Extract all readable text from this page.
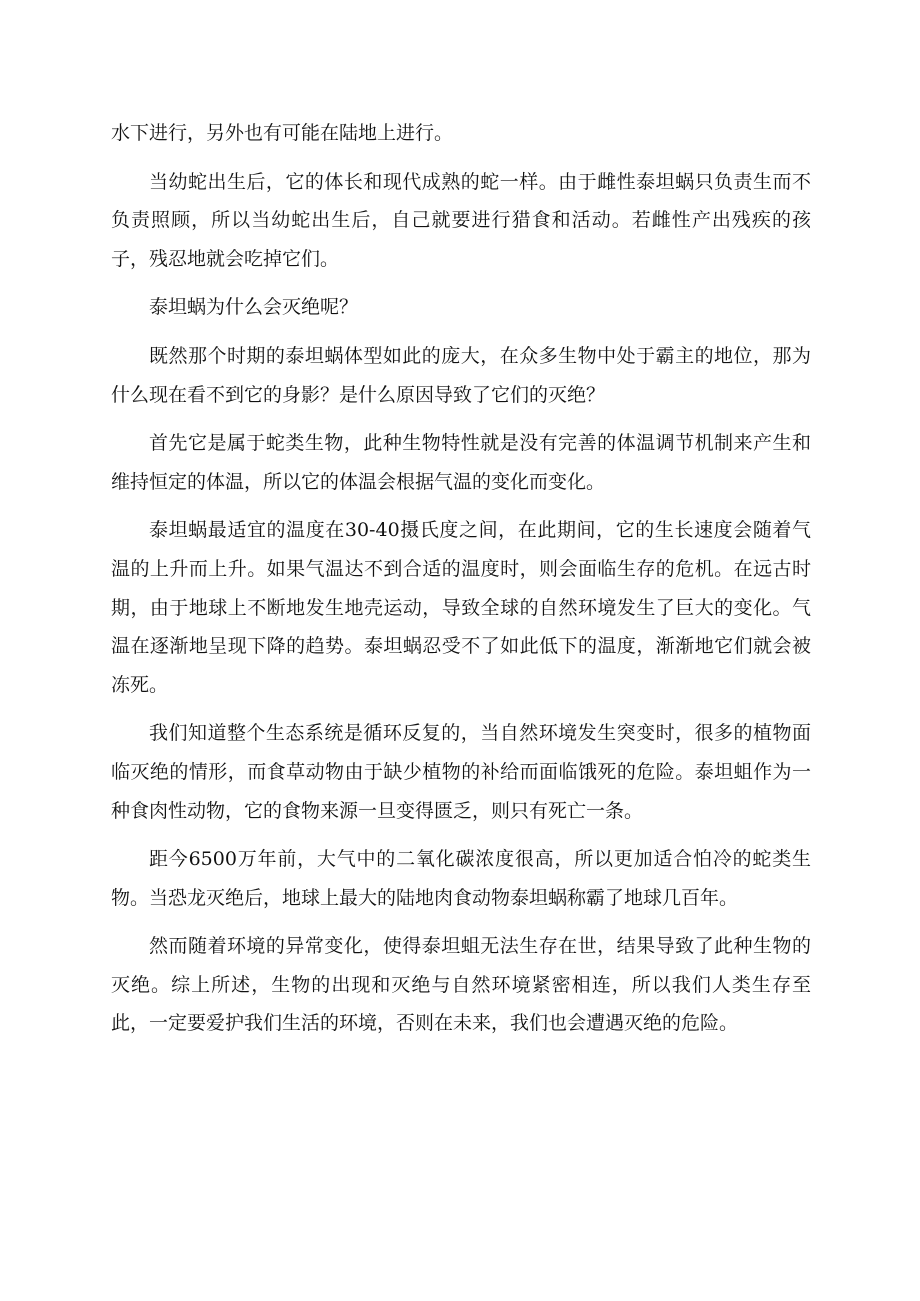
水下进行，另外也有可能在陆地上进行。

当幼蛇出生后，它的体长和现代成熟的蛇一样。由于雌性泰坦蜗只负责生而不负责照顾，所以当幼蛇出生后，自己就要进行猎食和活动。若雌性产出残疾的孩子，残忍地就会吃掉它们。

泰坦蜗为什么会灭绝呢？

既然那个时期的泰坦蜗体型如此的庞大，在众多生物中处于霸主的地位，那为什么现在看不到它的身影？是什么原因导致了它们的灭绝？

首先它是属于蛇类生物，此种生物特性就是没有完善的体温调节机制来产生和维持恒定的体温，所以它的体温会根据气温的变化而变化。

泰坦蜗最适宜的温度在30-40摄氏度之间，在此期间，它的生长速度会随着气温的上升而上升。如果气温达不到合适的温度时，则会面临生存的危机。在远古时期，由于地球上不断地发生地壳运动，导致全球的自然环境发生了巨大的变化。气温在逐渐地呈现下降的趋势。泰坦蜗忍受不了如此低下的温度，渐渐地它们就会被冻死。

我们知道整个生态系统是循环反复的，当自然环境发生突变时，很多的植物面临灭绝的情形，而食草动物由于缺少植物的补给而面临饿死的危险。泰坦蛆作为一种食肉性动物，它的食物来源一旦变得匮乏，则只有死亡一条。

距今6500万年前，大气中的二氧化碳浓度很高，所以更加适合怕冷的蛇类生物。当恐龙灭绝后，地球上最大的陆地肉食动物泰坦蜗称霸了地球几百年。

然而随着环境的异常变化，使得泰坦蛆无法生存在世，结果导致了此种生物的灭绝。综上所述，生物的出现和灭绝与自然环境紧密相连，所以我们人类生存至此，一定要爱护我们生活的环境，否则在未来，我们也会遭遇灭绝的危险。
